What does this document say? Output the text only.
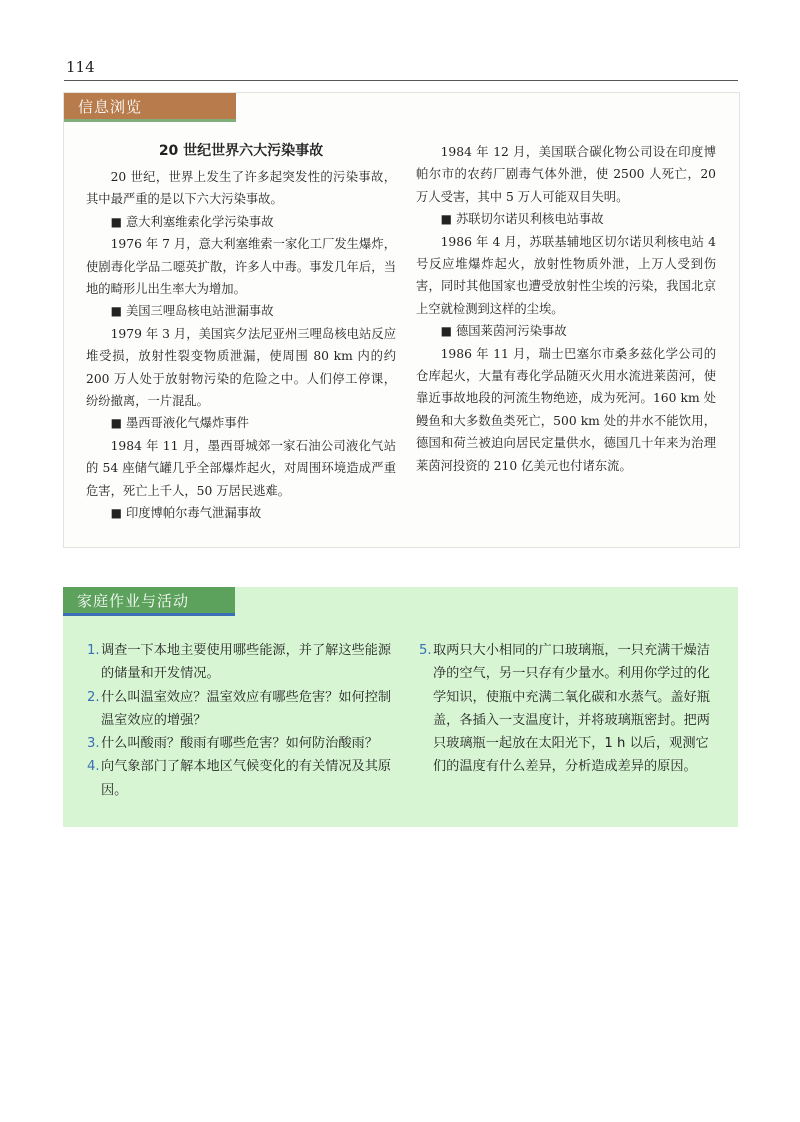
114
信息浏览
20 世纪世界六大污染事故

20 世纪，世界上发生了许多起突发性的污染事故，其中最严重的是以下六大污染事故。

■ 意大利塞维索化学污染事故

1976 年 7 月，意大利塞维索一家化工厂发生爆炸，使剧毒化学品二噁英扩散，许多人中毒。事发几年后，当地的畸形儿出生率大为增加。

■ 美国三哩岛核电站泄漏事故

1979 年 3 月，美国宾夕法尼亚州三哩岛核电站反应堆受损，放射性裂变物质泄漏，使周围 80 km 内的约 200 万人处于放射物污染的危险之中。人们停工停课，纷纷撤离，一片混乱。

■ 墨西哥液化气爆炸事件

1984 年 11 月，墨西哥城郊一家石油公司液化气站的 54 座储气罐几乎全部爆炸起火，对周围环境造成严重危害，死亡上千人，50 万居民逃难。

■ 印度博帕尔毒气泄漏事故

1984 年 12 月，美国联合碳化物公司设在印度博帕尔市的农药厂剧毒气体外泄，使 2500 人死亡，20 万人受害，其中 5 万人可能双目失明。

■ 苏联切尔诺贝利核电站事故

1986 年 4 月，苏联基辅地区切尔诺贝利核电站 4 号反应堆爆炸起火，放射性物质外泄，上万人受到伤害，同时其他国家也遭受放射性尘埃的污染，我国北京上空就检测到这样的尘埃。

■ 德国莱茵河污染事故

1986 年 11 月，瑞士巴塞尔市桑多兹化学公司的仓库起火，大量有毒化学品随灭火用水流进莱茵河，使靠近事故地段的河流生物绝迹，成为死河。160 km 处鳗鱼和大多数鱼类死亡，500 km 处的井水不能饮用，德国和荷兰被迫向居民定量供水，德国几十年来为治理莱茵河投资的 210 亿美元也付诸东流。

家庭作业与活动
1. 调查一下本地主要使用哪些能源，并了解这些能源的储量和开发情况。
2. 什么叫温室效应？温室效应有哪些危害？如何控制温室效应的增强？
3. 什么叫酸雨？酸雨有哪些危害？如何防治酸雨？
4. 向气象部门了解本地区气候变化的有关情况及其原因。
5. 取两只大小相同的广口玻璃瓶，一只充满干燥洁净的空气，另一只存有少量水。利用你学过的化学知识，使瓶中充满二氧化碳和水蒸气。盖好瓶盖，各插入一支温度计，并将玻璃瓶密封。把两只玻璃瓶一起放在太阳光下，1 h 以后，观测它们的温度有什么差异，分析造成差异的原因。
